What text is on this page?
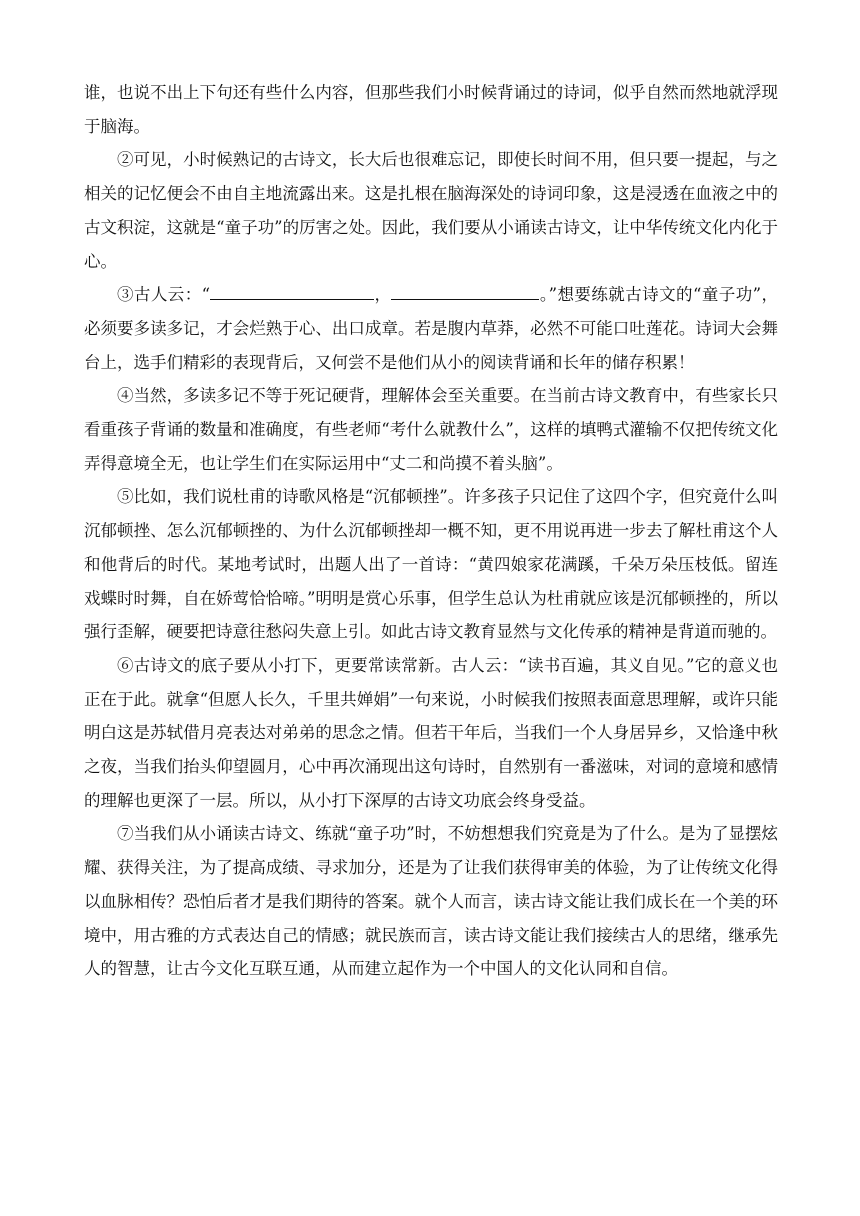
谁，也说不出上下句还有些什么内容，但那些我们小时候背诵过的诗词，似乎自然而然地就浮现于脑海。

②可见，小时候熟记的古诗文，长大后也很难忘记，即使长时间不用，但只要一提起，与之相关的记忆便会不由自主地流露出来。这是扎根在脑海深处的诗词印象，这是浸透在血液之中的古文积淀，这就是“童子功”的厉害之处。因此，我们要从小诵读古诗文，让中华传统文化内化于心。

③古人云：“	，	。”想要练就古诗文的“童子功”，必须要多读多记，才会烂熟于心、出口成章。若是腹内草莽，必然不可能口吐莲花。诗词大会舞台上，选手们精彩的表现背后，又何尝不是他们从小的阅读背诵和长年的储存积累！

④当然，多读多记不等于死记硬背，理解体会至关重要。在当前古诗文教育中，有些家长只看重孩子背诵的数量和准确度，有些老师“考什么就教什么”，这样的填鸭式灌输不仅把传统文化弄得意境全无，也让学生们在实际运用中“丈二和尚摸不着头脑”。

⑤比如，我们说杜甫的诗歌风格是“沉郁顿挫”。许多孩子只记住了这四个字，但究竟什么叫沉郁顿挫、怎么沉郁顿挫的、为什么沉郁顿挫却一概不知，更不用说再进一步去了解杜甫这个人和他背后的时代。某地考试时，出题人出了一首诗：“黄四娘家花满蹊，千朵万朵压枝低。留连戏蝶时时舞，自在娇莺恰恰啼。”明明是赏心乐事，但学生总认为杜甫就应该是沉郁顿挫的，所以强行歪解，硬要把诗意往愁闷失意上引。如此古诗文教育显然与文化传承的精神是背道而驰的。

⑥古诗文的底子要从小打下，更要常读常新。古人云：“读书百遍，其义自见。”它的意义也正在于此。就拿“但愿人长久，千里共婵娟”一句来说，小时候我们按照表面意思理解，或许只能明白这是苏轼借月亮表达对弟弟的思念之情。但若干年后，当我们一个人身居异乡，又恰逢中秋之夜，当我们抬头仰望圆月，心中再次涌现出这句诗时，自然别有一番滋味，对词的意境和感情的理解也更深了一层。所以，从小打下深厚的古诗文功底会终身受益。

⑦当我们从小诵读古诗文、练就“童子功”时，不妨想想我们究竟是为了什么。是为了显摆炫耀、获得关注，为了提高成绩、寻求加分，还是为了让我们获得审美的体验，为了让传统文化得以血脉相传？恐怕后者才是我们期待的答案。就个人而言，读古诗文能让我们成长在一个美的环境中，用古雅的方式表达自己的情感；就民族而言，读古诗文能让我们接续古人的思绪，继承先人的智慧，让古今文化互联互通，从而建立起作为一个中国人的文化认同和自信。
